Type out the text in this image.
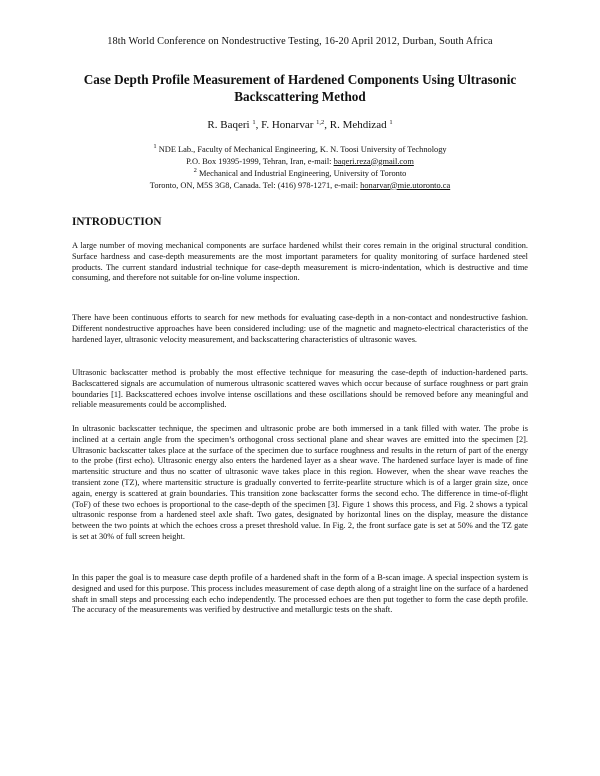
18th World Conference on Nondestructive Testing, 16-20 April 2012, Durban, South Africa
Case Depth Profile Measurement of Hardened Components Using Ultrasonic
Backscattering Method
R. Baqeri $^1$, F. Honarvar $^{1,2}$, R. Mehdizad $^1$
$^1$ NDE Lab., Faculty of Mechanical Engineering, K. N. Toosi University of Technology
P.O. Box 19395-1999, Tehran, Iran, e-mail: baqeri.reza@gmail.com
$^2$ Mechanical and Industrial Engineering, University of Toronto
Toronto, ON, M5S 3G8, Canada. Tel: (416) 978-1271, e-mail: honarvar@mie.utoronto.ca
INTRODUCTION

A large number of moving mechanical components are surface hardened whilst their cores remain in the original structural condition. Surface hardness and case-depth measurements are the most important parameters for quality monitoring of surface hardened steel products. The current standard industrial technique for case-depth measurement is micro-indentation, which is destructive and time consuming, and therefore not suitable for on-line volume inspection.

There have been continuous efforts to search for new methods for evaluating case-depth in a non-contact and nondestructive fashion. Different nondestructive approaches have been considered including: use of the magnetic and magneto-electrical characteristics of the hardened layer, ultrasonic velocity measurement, and backscattering characteristics of ultrasonic waves.

Ultrasonic backscatter method is probably the most effective technique for measuring the case-depth of induction-hardened parts. Backscattered signals are accumulation of numerous ultrasonic scattered waves which occur because of surface roughness or part grain boundaries [1]. Backscattered echoes involve intense oscillations and these oscillations should be removed before any meaningful and reliable measurements could be accomplished.

In ultrasonic backscatter technique, the specimen and ultrasonic probe are both immersed in a tank filled with water. The probe is inclined at a certain angle from the specimen’s orthogonal cross sectional plane and shear waves are emitted into the specimen [2]. Ultrasonic backscatter takes place at the surface of the specimen due to surface roughness and results in the return of part of the energy to the probe (first echo). Ultrasonic energy also enters the hardened layer as a shear wave. The hardened surface layer is made of fine martensitic structure and thus no scatter of ultrasonic wave takes place in this region. However, when the shear wave reaches the transient zone (TZ), where martensitic structure is gradually converted to ferrite-pearlite structure which is of a larger grain size, once again, energy is scattered at grain boundaries. This transition zone backscatter forms the second echo. The difference in time-of-flight (ToF) of these two echoes is proportional to the case-depth of the specimen [3]. Figure 1 shows this process, and Fig. 2 shows a typical ultrasonic response from a hardened steel axle shaft. Two gates, designated by horizontal lines on the display, measure the distance between the two points at which the echoes cross a preset threshold value. In Fig. 2, the front surface gate is set at 50% and the TZ gate is set at 30% of full screen height.

In this paper the goal is to measure case depth profile of a hardened shaft in the form of a B-scan image. A special inspection system is designed and used for this purpose. This process includes measurement of case depth along of a straight line on the surface of a hardened shaft in small steps and processing each echo independently. The processed echoes are then put together to form the case depth profile. The accuracy of the measurements was verified by destructive and metallurgic tests on the shaft.
